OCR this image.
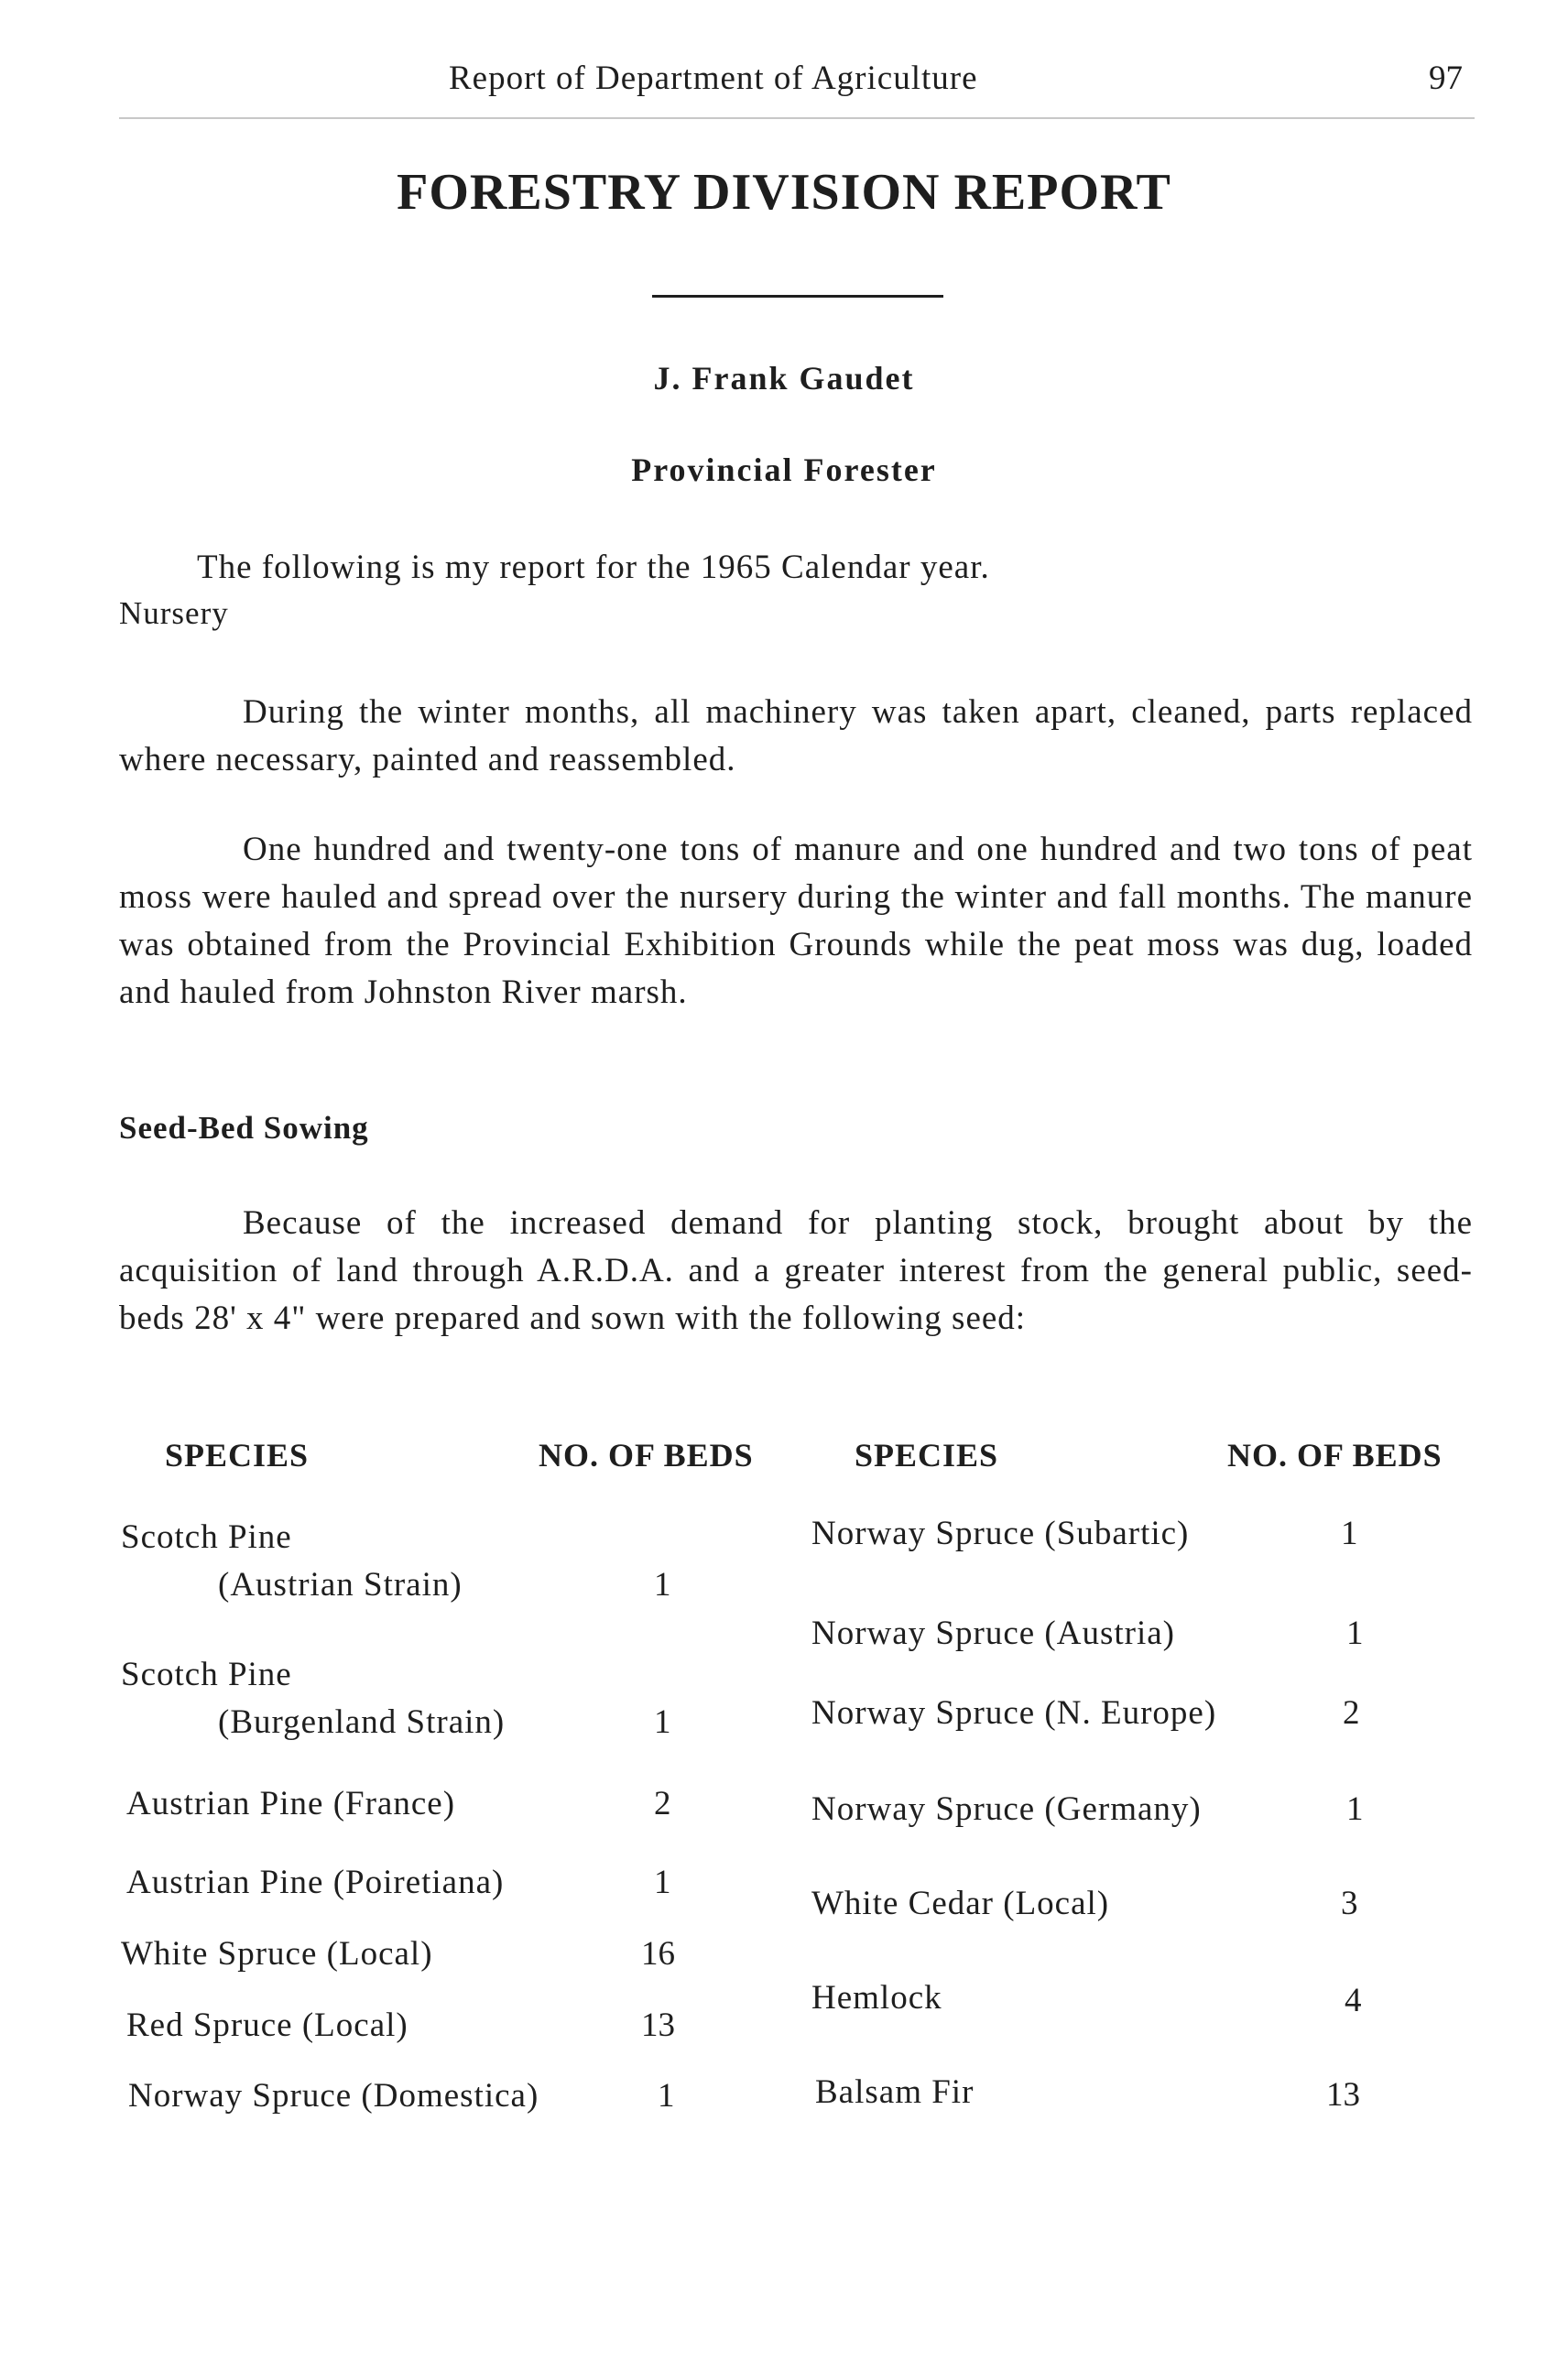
Report of Department of Agriculture	97
FORESTRY DIVISION REPORT
J. Frank Gaudet
Provincial Forester
The following is my report for the 1965 Calendar year.
Nursery
During the winter months, all machinery was taken apart, cleaned, parts replaced where necessary, painted and reassembled.
One hundred and twenty-one tons of manure and one hundred and two tons of peat moss were hauled and spread over the nursery during the winter and fall months. The manure was obtained from the Provincial Exhibition Grounds while the peat moss was dug, loaded and hauled from Johnston River marsh.
Seed-Bed Sowing
Because of the increased demand for planting stock, brought about by the acquisition of land through A.R.D.A. and a greater interest from the general public, seed-beds 28' x 4" were prepared and sown with the following seed:
SPECIES	NO. OF BEDS	SPECIES	NO. OF BEDS
Scotch Pine
(Austrian Strain)	1
Scotch Pine
(Burgenland Strain)	1
Austrian Pine (France)	2
Austrian Pine (Poiretiana)	1
White Spruce (Local)	16
Red Spruce (Local)	13
Norway Spruce (Domestica)	1
Norway Spruce (Subartic)	1
Norway Spruce (Austria)	1
Norway Spruce (N. Europe)	2
Norway Spruce (Germany)	1
White Cedar (Local)	3
Hemlock	4
Balsam Fir	13
